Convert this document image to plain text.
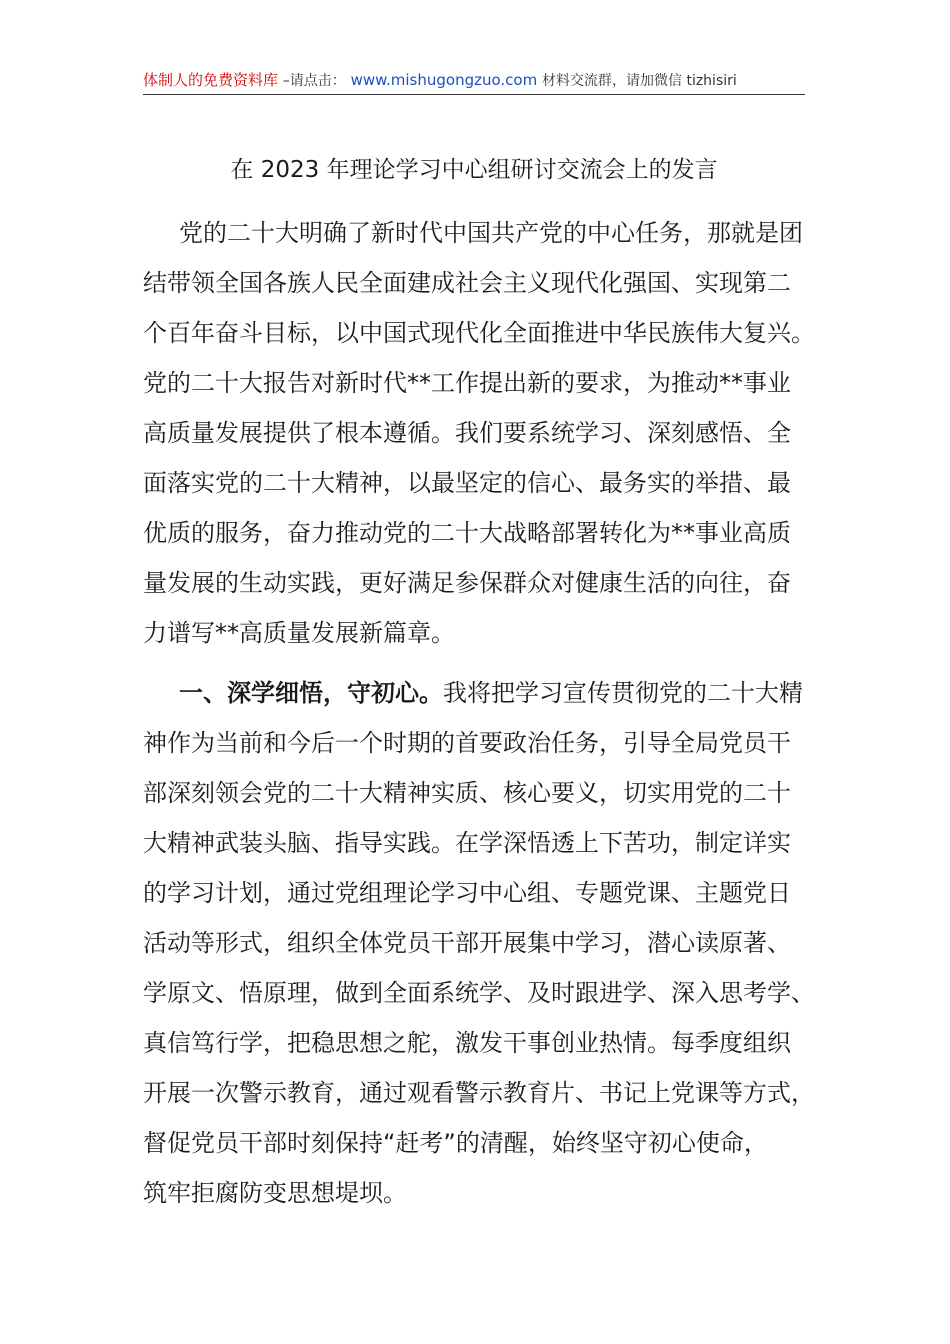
体制人的免费资料库 –请点击： www.mishugongzuo.com 材料交流群，请加微信 tizhisiri
在 2023 年理论学习中心组研讨交流会上的发言

党的二十大明确了新时代中国共产党的中心任务，那就是团
结带领全国各族人民全面建成社会主义现代化强国、实现第二
个百年奋斗目标，以中国式现代化全面推进中华民族伟大复兴。
党的二十大报告对新时代**工作提出新的要求，为推动**事业
高质量发展提供了根本遵循。我们要系统学习、深刻感悟、全
面落实党的二十大精神，以最坚定的信心、最务实的举措、最
优质的服务，奋力推动党的二十大战略部署转化为**事业高质
量发展的生动实践，更好满足参保群众对健康生活的向往，奋
力谱写**高质量发展新篇章。

一、深学细悟，守初心。我将把学习宣传贯彻党的二十大精
神作为当前和今后一个时期的首要政治任务，引导全局党员干
部深刻领会党的二十大精神实质、核心要义，切实用党的二十
大精神武装头脑、指导实践。在学深悟透上下苦功，制定详实
的学习计划，通过党组理论学习中心组、专题党课、主题党日
活动等形式，组织全体党员干部开展集中学习，潜心读原著、
学原文、悟原理，做到全面系统学、及时跟进学、深入思考学、
真信笃行学，把稳思想之舵，激发干事创业热情。每季度组织
开展一次警示教育，通过观看警示教育片、书记上党课等方式，
督促党员干部时刻保持“赶考”的清醒，始终坚守初心使命，
筑牢拒腐防变思想堤坝。
